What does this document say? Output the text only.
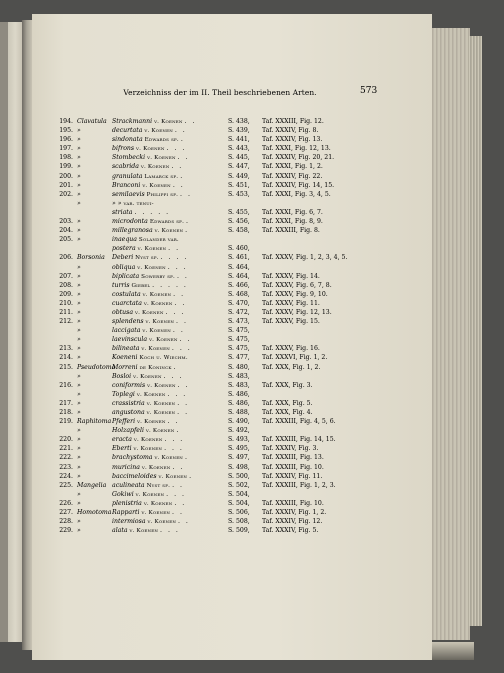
Verzeichniss der im II. Theil beschriebenen Arten.	573
194. Clavatula Strackmanni v. Koenen . .	S. 438,	Taf. XXXIII, Fig. 12.
195. »	decurtata v. Koenen . .	S. 439,	Taf. XXXIV, Fig. 8.
196. »	sindonata Edwards sp. .	S. 441,	Taf. XXXIV, Fig. 13.
197. »	bifrons v. Koenen . . .	S. 443,	Taf. XXXI, Fig. 12, 13.
198. »	Stombecki v. Koenen . .	S. 445,	Taf. XXXIV, Fig. 20, 21.
199. »	scabrida v. Koenen . .	S. 447,	Taf. XXXI, Fig. 1, 2.
200. »	granulata Lamarck sp. .	S. 449,	Taf. XXXIV, Fig. 22.
201. »	Branconi v. Koenen . .	S. 451,	Taf. XXXIV, Fig. 14, 15.
202. »	semilaevis Philippi sp. . .	S. 453,	Taf. XXXI, Fig. 3, 4, 5.
»	» » var. tenui-
striata . . . . .	S. 455,	Taf. XXXI, Fig. 6, 7.
203. »	microdonta Edwards sp. .	S. 456,	Taf. XXXI, Fig. 8, 9.
204. »	millegranosa v. Koenen .	S. 458,	Taf. XXXIII, Fig. 8.
205. »	inaequa Solander var.
postera v. Koenen . .	S. 460,
206. Borsonia	Deberi Nyst sp. . . . .	S. 461,	Taf. XXXV, Fig. 1, 2, 3, 4, 5.
»	obliqua v. Koenen . . .	S. 464,
207. »	biplicata Sowerby sp. . .	S. 464,	Taf. XXXV, Fig. 14.
208. »	turris Giebel . . . . .	S. 466,	Taf. XXXV, Fig. 6, 7, 8.
209. »	costulata v. Koenen . .	S. 468,	Taf. XXXV, Fig. 9, 10.
210. »	cuarctata v. Koenen . .	S. 470,	Taf. XXXV, Fig. 11.
211. »	obtusa v. Koenen . . .	S. 472,	Taf. XXXV, Fig. 12, 13.
212. »	splendens v. Koenen . .	S. 473,	Taf. XXXV, Fig. 15.
»	laccigata v. Koenen . .	S. 475,
»	laevinscula v. Koenen . .	S. 475,
213. »	bilineata v. Koenen . . .	S. 475,	Taf. XXXV, Fig. 16.
214. »	Koeneni Koch u. Wiechm.	S. 477,	Taf. XXXVI, Fig. 1, 2.
215. Pseudotoma
Morreni de Koninck .	S. 480,	Taf. XXX, Fig. 1, 2.
»	Bosloi v. Koenen . . .	S. 483,
216. »	coniformis v. Koenen . .	S. 483,	Taf. XXX, Fig. 3.
»	Toplegi v. Koenen . . .	S. 486,
217. »	crassistria v. Koenen . .	S. 486,	Taf. XXX, Fig. 5.
218. »	angustona v. Koenen . .	S. 488,	Taf. XXX, Fig. 4.
219. Raphitoma Pfefferi v. Koenen . .	S. 490,	Taf. XXXIII, Fig. 4, 5, 6.
»	Holzapfeli v. Koenen .	S. 492,
220. »	eracta v. Koenen . . .	S. 493,	Taf. XXXIII, Fig. 14, 15.
221. »	Eberti v. Koenen . . .	S. 495,	Taf. XXXIV, Fig. 3.
222. »	brachystoma v. Koenen .	S. 497,	Taf. XXXIII, Fig. 13.
223. »	muricina v. Koenen . .	S. 498,	Taf. XXXIII, Fig. 10.
224. »	baccimeloides v. Koenen .	S. 500,	Taf. XXXIV, Fig. 11.
225. Mangelia aculineata Nyst sp. . .	S. 502,	Taf. XXXIII, Fig. 1, 2, 3.
»	Gokiwi v. Koenen . . .	S. 504,
226. »	plenistria v. Koenen . .	S. 504,	Taf. XXXIII, Fig. 10.
227. Homotoma Rapparti v. Koenen . .	S. 506,	Taf. XXXIV, Fig. 1, 2.
228. »	intermiosa v. Koenen . .	S. 508,	Taf. XXXIV, Fig. 12.
229. »	alata v. Koenen . . .	S. 509,	Taf. XXXIV, Fig. 5.
